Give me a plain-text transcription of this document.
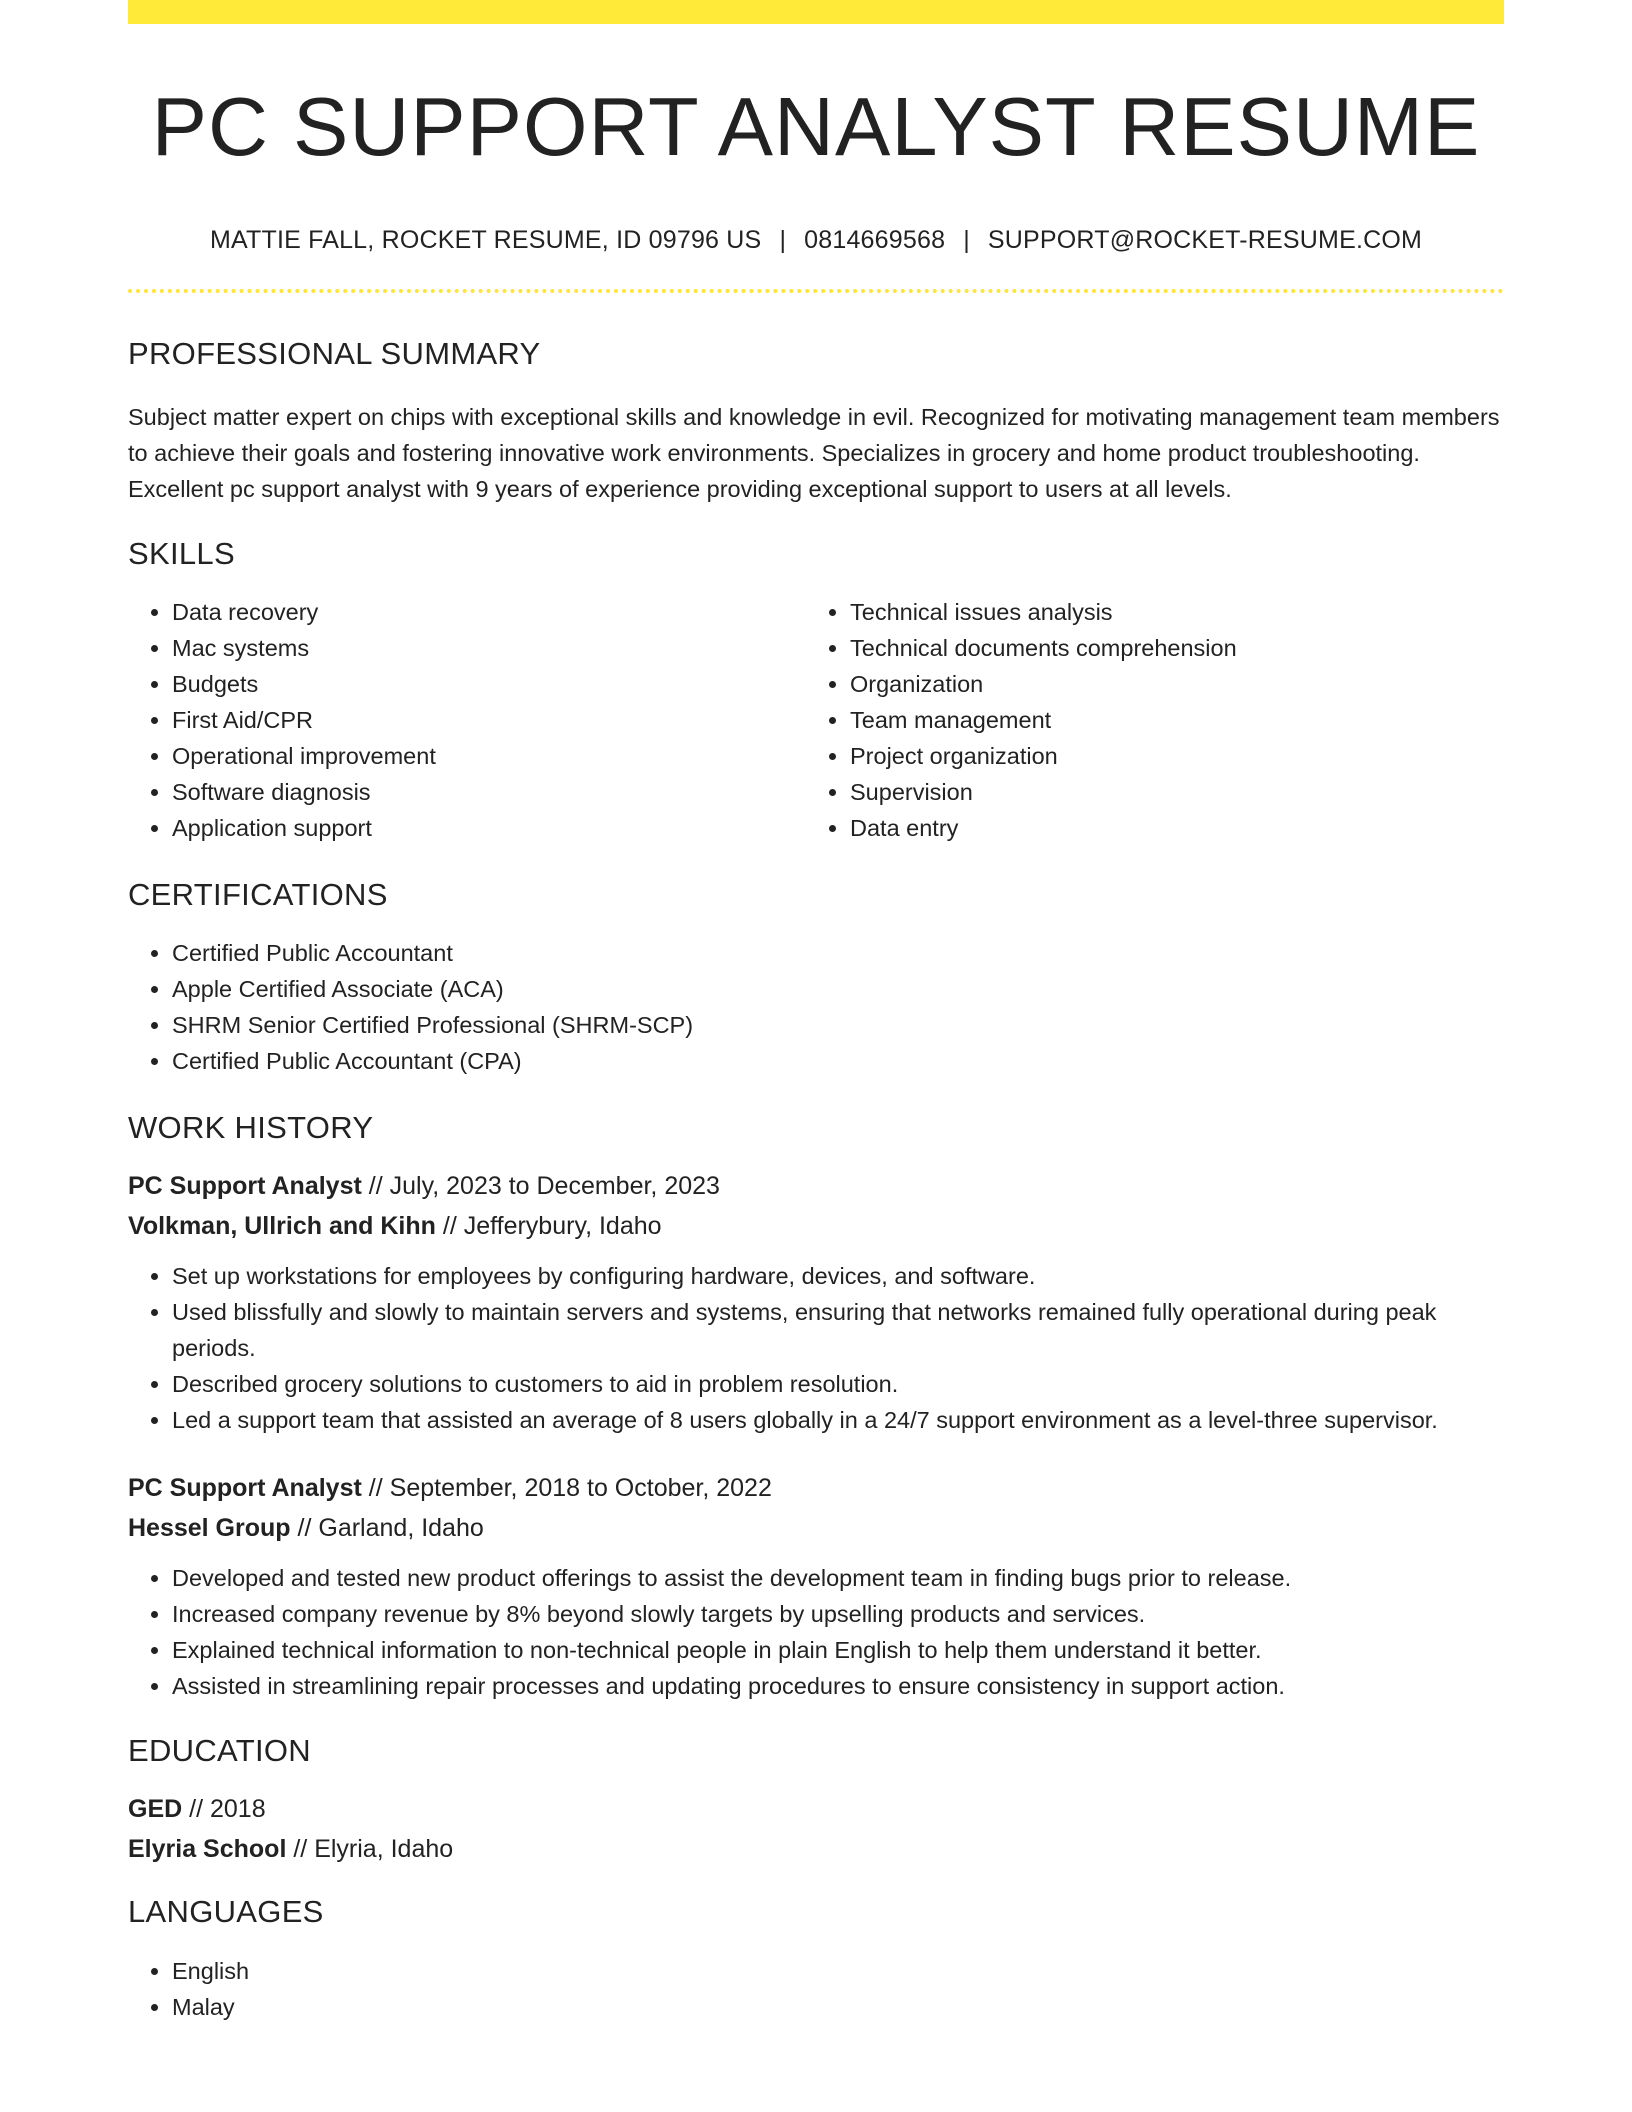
PC SUPPORT ANALYST RESUME
MATTIE FALL, ROCKET RESUME, ID 09796 US | 0814669568 | SUPPORT@ROCKET-RESUME.COM
PROFESSIONAL SUMMARY

Subject matter expert on chips with exceptional skills and knowledge in evil. Recognized for motivating management team members to achieve their goals and fostering innovative work environments. Specializes in grocery and home product troubleshooting. Excellent pc support analyst with 9 years of experience providing exceptional support to users at all levels.

SKILLS
• Data recovery
• Mac systems
• Budgets
• First Aid/CPR
• Operational improvement
• Software diagnosis
• Application support
• Technical issues analysis
• Technical documents comprehension
• Organization
• Team management
• Project organization
• Supervision
• Data entry
CERTIFICATIONS
• Certified Public Accountant
• Apple Certified Associate (ACA)
• SHRM Senior Certified Professional (SHRM-SCP)
• Certified Public Accountant (CPA)
WORK HISTORY

PC Support Analyst // July, 2023 to December, 2023

Volkman, Ullrich and Kihn // Jefferybury, Idaho

• Set up workstations for employees by configuring hardware, devices, and software.
• Used blissfully and slowly to maintain servers and systems, ensuring that networks remained fully operational during peak periods.
• Described grocery solutions to customers to aid in problem resolution.
• Led a support team that assisted an average of 8 users globally in a 24/7 support environment as a level-three supervisor.

PC Support Analyst // September, 2018 to October, 2022

Hessel Group // Garland, Idaho

• Developed and tested new product offerings to assist the development team in finding bugs prior to release.
• Increased company revenue by 8% beyond slowly targets by upselling products and services.
• Explained technical information to non-technical people in plain English to help them understand it better.
• Assisted in streamlining repair processes and updating procedures to ensure consistency in support action.
EDUCATION

GED // 2018

Elyria School // Elyria, Idaho

LANGUAGES
• English
• Malay
